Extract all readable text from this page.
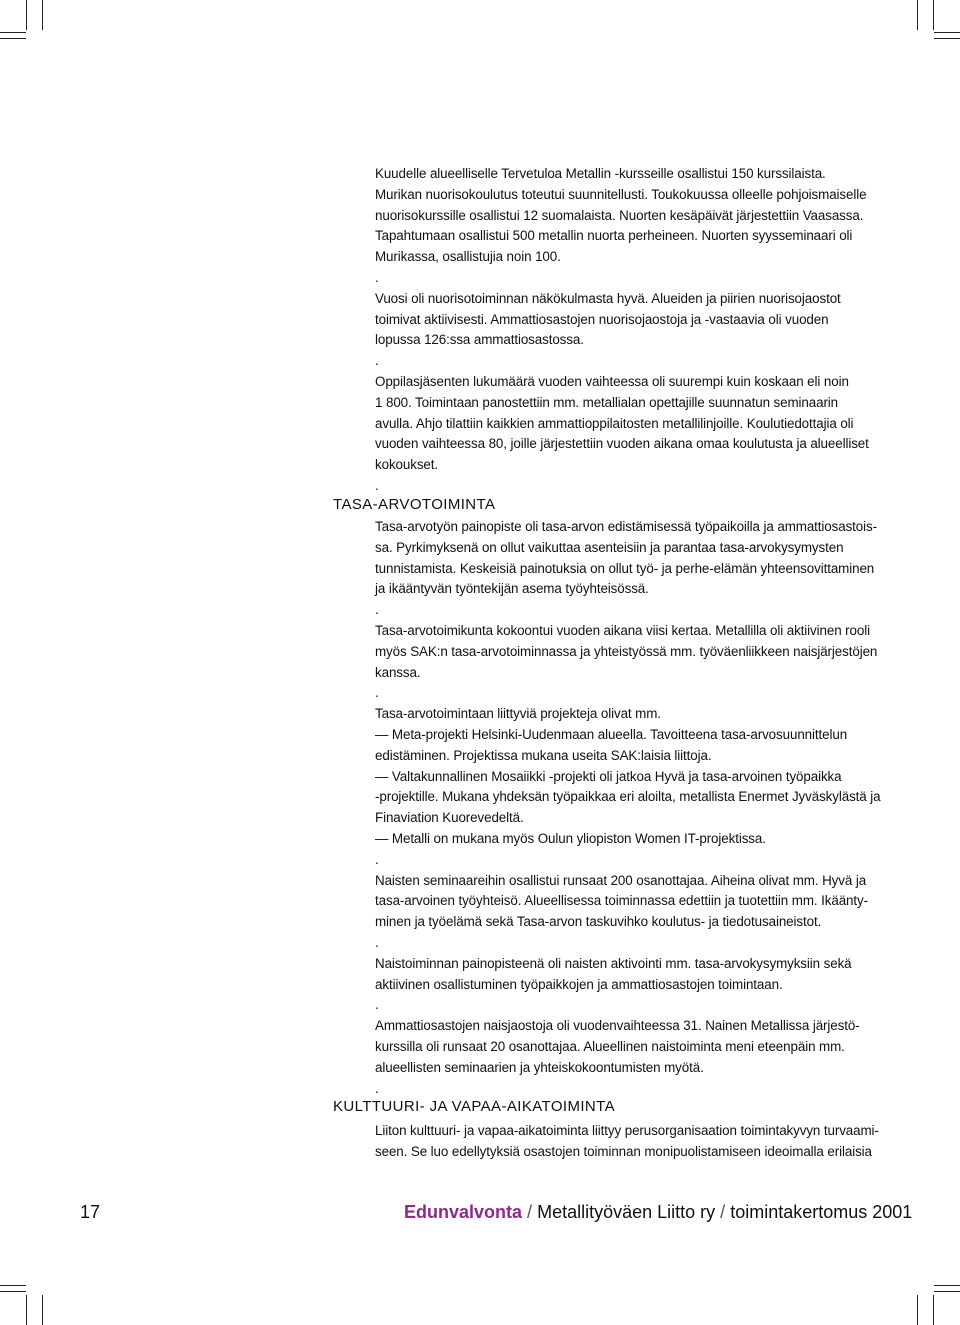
Kuudelle alueelliselle Tervetuloa Metallin -kursseille osallistui 150 kurssilaista.
Murikan nuorisokoulutus toteutui suunnitellusti. Toukokuussa olleelle pohjoismaiselle
nuorisokurssille osallistui 12 suomalaista. Nuorten kesäpäivät järjestettiin Vaasassa.
Tapahtumaan osallistui 500 metallin nuorta perheineen. Nuorten syysseminaari oli
Murikassa, osallistujia noin 100.
.
Vuosi oli nuorisotoiminnan näkökulmasta hyvä. Alueiden ja piirien nuorisojaostot
toimivat aktiivisesti. Ammattiosastojen nuorisojaostoja ja -vastaavia oli vuoden
lopussa 126:ssa ammattiosastossa.
.
Oppilasjäsenten lukumäärä vuoden vaihteessa oli suurempi kuin koskaan eli noin
1 800. Toimintaan panostettiin mm. metallialan opettajille suunnatun seminaarin
avulla. Ahjo tilattiin kaikkien ammattioppilaitosten metallilinjoille. Koulutiedottajia oli
vuoden vaihteessa 80, joille järjestettiin vuoden aikana omaa koulutusta ja alueelliset
kokoukset.
.
TASA-ARVOTOIMINTA
Tasa-arvotyön painopiste oli tasa-arvon edistämisessä työpaikoilla ja ammattiosastois-
sa. Pyrkimyksenä on ollut vaikuttaa asenteisiin ja parantaa tasa-arvokysymysten
tunnistamista. Keskeisiä painotuksia on ollut työ- ja perhe-elämän yhteensovittaminen
ja ikääntyvän työntekijän asema työyhteisössä.
.
Tasa-arvotoimikunta kokoontui vuoden aikana viisi kertaa. Metallilla oli aktiivinen rooli
myös SAK:n tasa-arvotoiminnassa ja yhteistyössä mm. työväenliikkeen naisjärjestöjen
kanssa.
.
Tasa-arvotoimintaan liittyviä projekteja olivat mm.
— Meta-projekti Helsinki-Uudenmaan alueella. Tavoitteena tasa-arvosuunnittelun
edistäminen. Projektissa mukana useita SAK:laisia liittoja.
— Valtakunnallinen Mosaiikki -projekti oli jatkoa Hyvä ja tasa-arvoinen työpaikka
-projektille. Mukana yhdeksän työpaikkaa eri aloilta, metallista Enermet Jyväskylästä ja
Finaviation Kuorevedeltä.
— Metalli on mukana myös Oulun yliopiston Women IT-projektissa.
.
Naisten seminaareihin osallistui runsaat 200 osanottajaa. Aiheina olivat mm. Hyvä ja
tasa-arvoinen työyhteisö. Alueellisessa toiminnassa edettiin ja tuotettiin mm. Ikäänty-
minen ja työelämä sekä Tasa-arvon taskuvihko koulutus- ja tiedotusaineistot.
.
Naistoiminnan painopisteenä oli naisten aktivointi mm. tasa-arvokysymyksiin sekä
aktiivinen osallistuminen työpaikkojen ja ammattiosastojen toimintaan.
.
Ammattiosastojen naisjaostoja oli vuodenvaihteessa 31. Nainen Metallissa järjestö-
kurssilla oli runsaat 20 osanottajaa. Alueellinen naistoiminta meni eteenpäin mm.
alueellisten seminaarien ja yhteiskokoontumisten myötä.
.
KULTTUURI- JA VAPAA-AIKATOIMINTA
Liiton kulttuuri- ja vapaa-aikatoiminta liittyy perusorganisaation toimintakyvyn turvaami-
seen. Se luo edellytyksiä osastojen toiminnan monipuolistamiseen ideoimalla erilaisia
17	Edunvalvonta / Metallityöväen Liitto ry / toimintakertomus 2001
